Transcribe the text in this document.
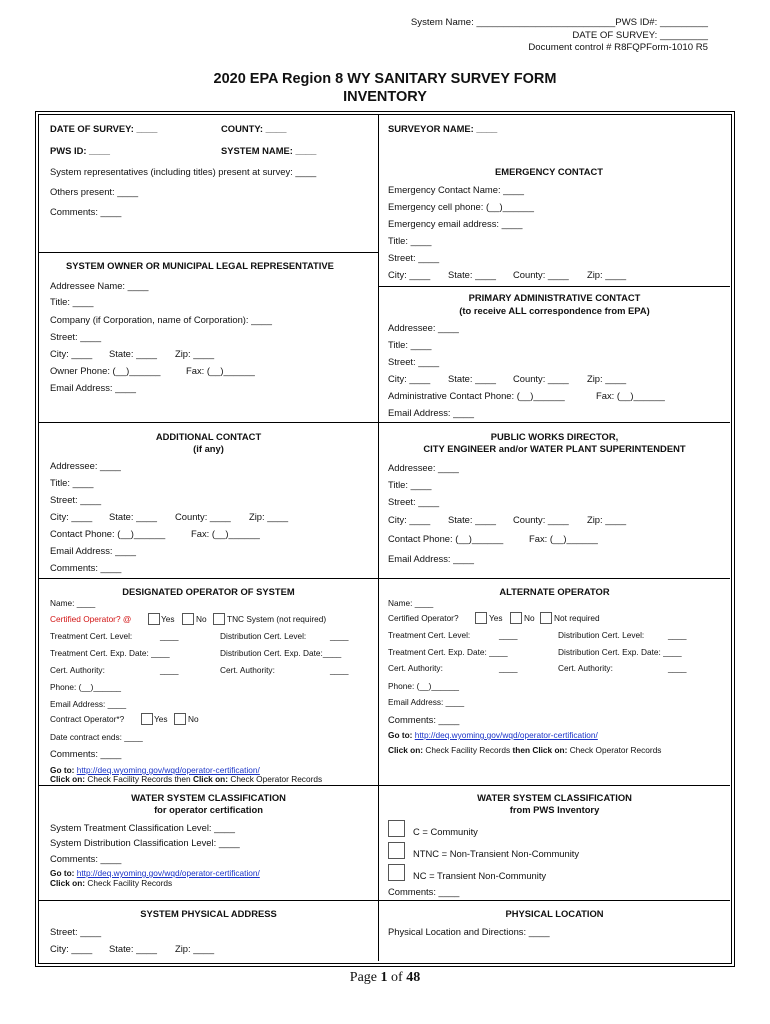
System Name: __________________________PWS ID#: _________
DATE OF SURVEY: _________
Document control # R8FQPForm-1010 R5
2020 EPA Region 8 WY SANITARY SURVEY FORM
INVENTORY
DATE OF SURVEY: ____	COUNTY: ____	SURVEYOR NAME: ____
PWS ID: ____	SYSTEM NAME: ____
System representatives (including titles) present at survey: ____
Others present: ____
Comments: ____
EMERGENCY CONTACT
Emergency Contact Name: ____
Emergency cell phone: (__)______
Emergency email address: ____
Title: ____
Street: ____
City: ____ State: ____ County: ____ Zip: ____
SYSTEM OWNER OR MUNICIPAL LEGAL REPRESENTATIVE
Addressee Name: ____
Title: ____
Company (if Corporation, name of Corporation): ____
Street: ____
City: ____ State: ____ Zip: ____
Owner Phone: (__)______	Fax: (__)______
Email Address: ____
PRIMARY ADMINISTRATIVE CONTACT
(to receive ALL correspondence from EPA)
Addressee: ____
Title: ____
Street: ____
City: ____ State: ____ County: ____ Zip: ____
Administrative Contact Phone: (__)______	Fax: (__)______
Email Address: ____
ADDITIONAL CONTACT
(if any)
Addressee: ____
Title: ____
Street: ____
City: ____ State: ____ County: ____ Zip: ____
Contact Phone: (__)______	Fax: (__)______
Email Address: ____
Comments: ____
PUBLIC WORKS DIRECTOR,
CITY ENGINEER and/or WATER PLANT SUPERINTENDENT
Addressee: ____
Title: ____
Street: ____
City: ____ State: ____ County: ____ Zip: ____
Contact Phone: (__)______	Fax: (__)______
Email Address: ____
DESIGNATED OPERATOR OF SYSTEM
Name: ____
Certified Operator? @	Yes	No TNC System (not required)
Treatment Cert. Level:	____	Distribution Cert. Level:	____
Treatment Cert. Exp. Date: ____	Distribution Cert. Exp. Date:____
Cert. Authority:	____	Cert. Authority:	____
Phone: (__)______
Email Address: ____
Contract Operator*?	Yes No
Date contract ends: ____
Comments: ____
Go to: http://deq.wyoming.gov/wqd/operator-certification/
Click on: Check Facility Records then Click on: Check Operator Records
ALTERNATE OPERATOR
Name: ____
Certified Operator?	Yes	No Not required
Treatment Cert. Level:	____	Distribution Cert. Level:	____
Treatment Cert. Exp. Date: ____	Distribution Cert. Exp. Date: ____
Cert. Authority:	____	Cert. Authority:	____
Phone: (__)______
Email Address: ____
Comments: ____
Go to: http://deq.wyoming.gov/wqd/operator-certification/
Click on: Check Facility Records then Click on: Check Operator Records
WATER SYSTEM CLASSIFICATION
for operator certification
System Treatment Classification Level: ____
System Distribution Classification Level: ____
Comments: ____
Go to: http://deq.wyoming.gov/wqd/operator-certification/
Click on: Check Facility Records
WATER SYSTEM CLASSIFICATION
from PWS Inventory
C = Community
NTNC = Non-Transient Non-Community
NC = Transient Non-Community
Comments: ____
SYSTEM PHYSICAL ADDRESS
Street: ____
City: ____ State: ____ Zip: ____
PHYSICAL LOCATION
Physical Location and Directions: ____
Page 1 of 48
